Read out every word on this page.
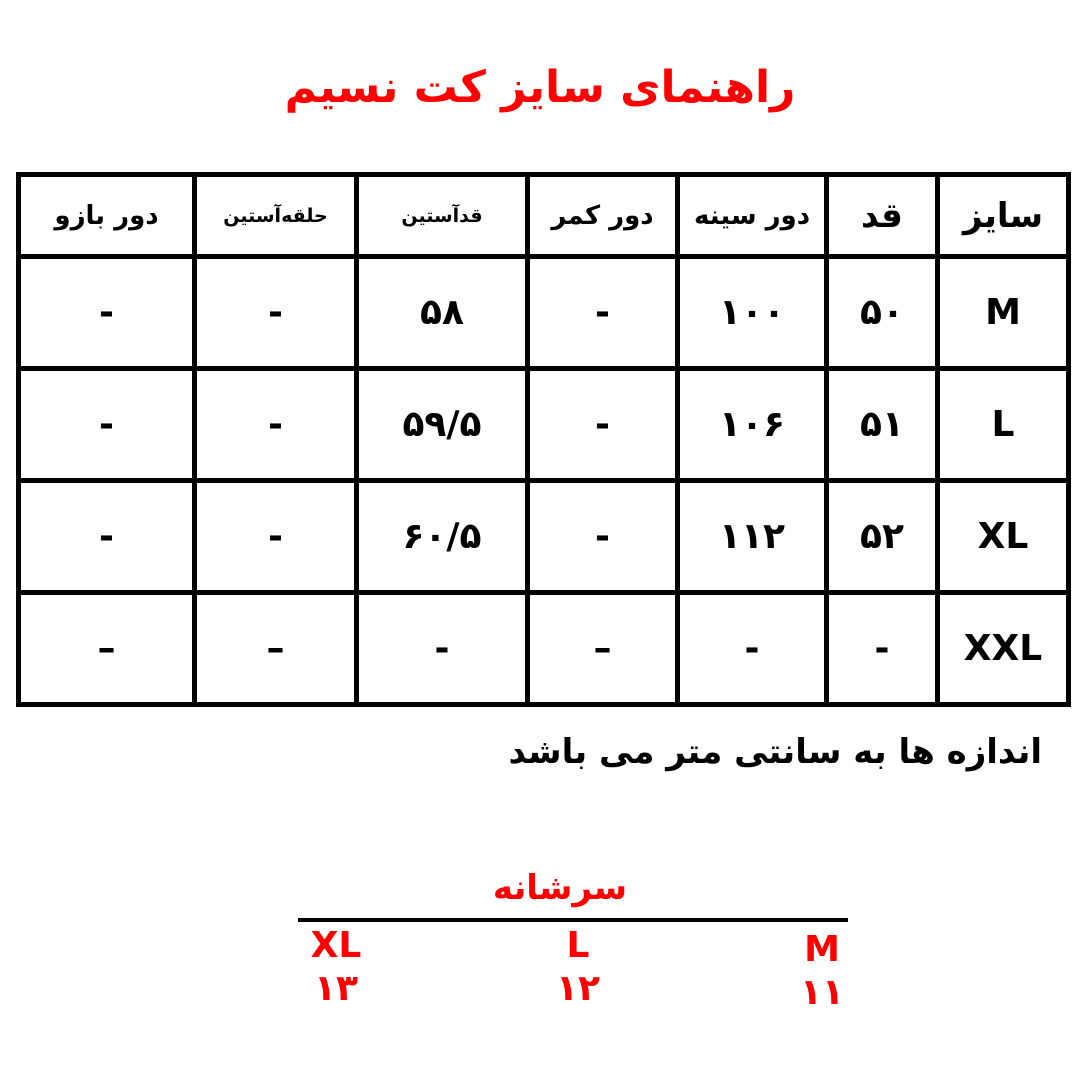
راهنمای سایز کت نسیم
سایز	قد	دور سینه	دور کمر	قدآستین	حلقه‌آستین	دور بازو
M	۵۰	۱۰۰	-	۵۸	-	-
L	۵۱	۱۰۶	-	۵۹/۵	-	-
XL	۵۲	۱۱۲	-	۶۰/۵	-	-
XXL	-	-	–	-	–	–
اندازه ها به سانتی متر می باشد
سرشانه
M
۱۱
L
۱۲
XL
۱۳
